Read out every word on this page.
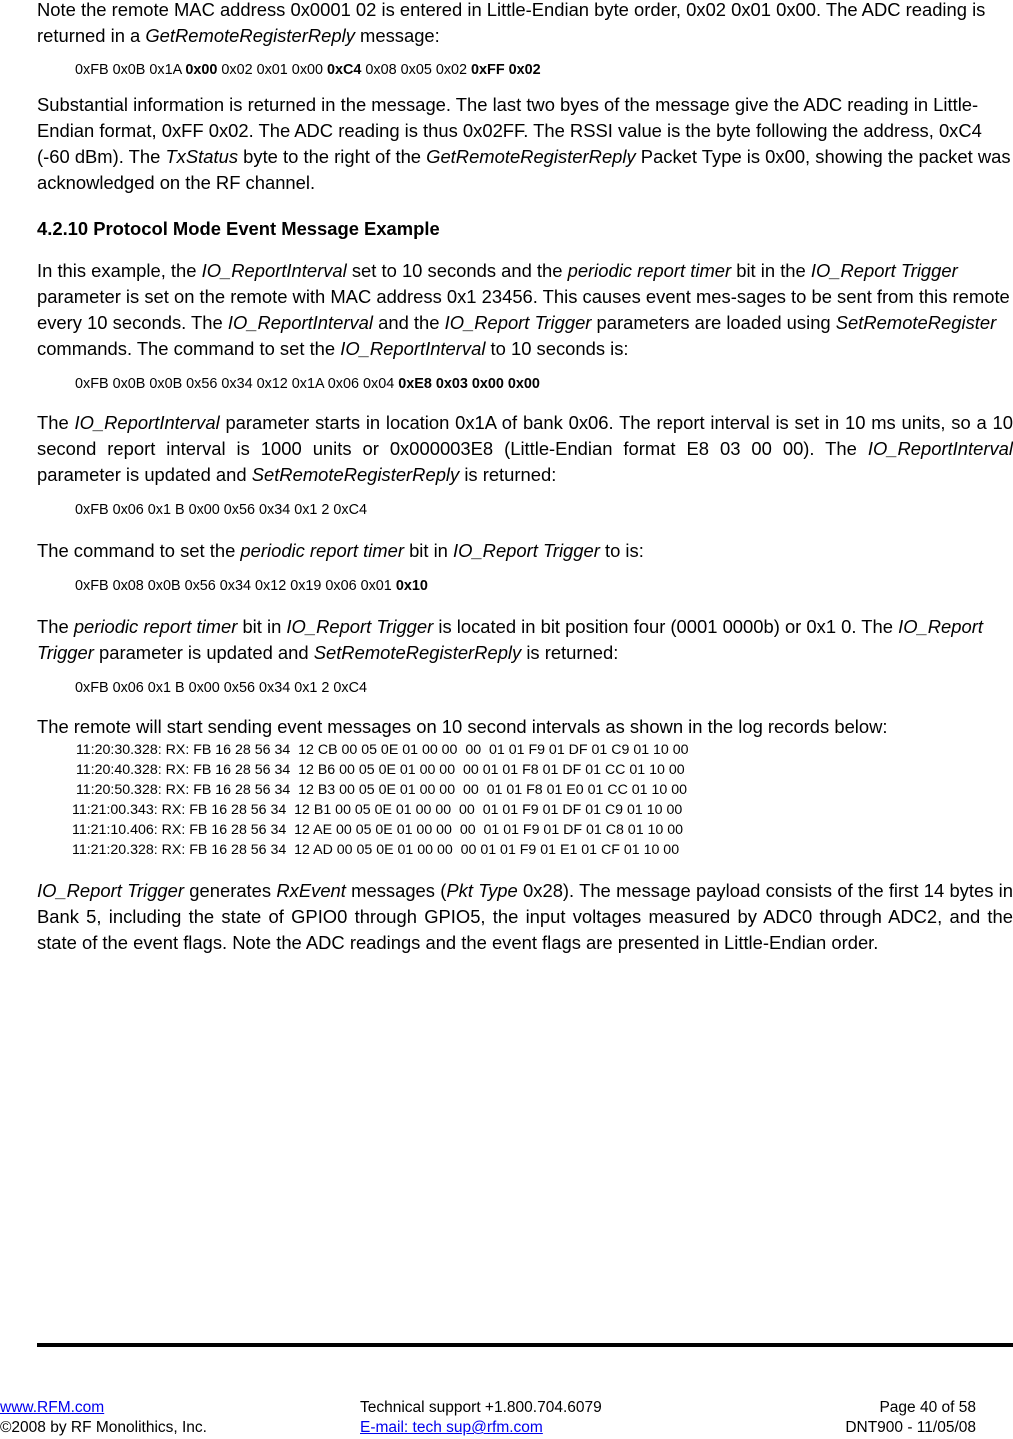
Note the remote MAC address 0x0001 02 is entered in Little-Endian byte order, 0x02 0x01 0x00. The ADC reading is returned in a GetRemoteRegisterReply message:

0xFB 0x0B 0x1A 0x00 0x02 0x01 0x00 0xC4 0x08 0x05 0x02 0xFF 0x02

Substantial information is returned in the message. The last two byes of the message give the ADC reading in Little-Endian format, 0xFF 0x02. The ADC reading is thus 0x02FF. The RSSI value is the byte following the address, 0xC4 (-60 dBm). The TxStatus byte to the right of the GetRemoteRegisterReply Packet Type is 0x00, showing the packet was acknowledged on the RF channel.

4.2.10 Protocol Mode Event Message Example

In this example, the IO_ReportInterval set to 10 seconds and the periodic report timer bit in the IO_Report Trigger parameter is set on the remote with MAC address 0x1 23456. This causes event mes-sages to be sent from this remote every 10 seconds. The IO_ReportInterval and the IO_Report Trigger parameters are loaded using SetRemoteRegister commands. The command to set the IO_ReportInterval to 10 seconds is:

0xFB 0x0B 0x0B 0x56 0x34 0x12 0x1A 0x06 0x04 0xE8 0x03 0x00 0x00

The IO_ReportInterval parameter starts in location 0x1A of bank 0x06. The report interval is set in 10 ms units, so a 10 second report interval is 1000 units or 0x000003E8 (Little-Endian format E8 03 00 00). The IO_ReportInterval parameter is updated and SetRemoteRegisterReply is returned:

0xFB 0x06 0x1 B 0x00 0x56 0x34 0x1 2 0xC4

The command to set the periodic report timer bit in IO_Report Trigger to is:

0xFB 0x08 0x0B 0x56 0x34 0x12 0x19 0x06 0x01 0x10

The periodic report timer bit in IO_Report Trigger is located in bit position four (0001 0000b) or 0x1 0. The IO_Report Trigger parameter is updated and SetRemoteRegisterReply is returned:

0xFB 0x06 0x1 B 0x00 0x56 0x34 0x1 2 0xC4

The remote will start sending event messages on 10 second intervals as shown in the log records below:

11:20:30.328: RX: FB 16 28 56 34  12 CB 00 05 0E 01 00 00  00  01 01 F9 01 DF 01 C9 01 10 00
11:20:40.328: RX: FB 16 28 56 34  12 B6 00 05 0E 01 00 00  00 01 01 F8 01 DF 01 CC 01 10 00
11:20:50.328: RX: FB 16 28 56 34  12 B3 00 05 0E 01 00 00  00  01 01 F8 01 E0 01 CC 01 10 00
11:21:00.343: RX: FB 16 28 56 34  12 B1 00 05 0E 01 00 00  00  01 01 F9 01 DF 01 C9 01 10 00
11:21:10.406: RX: FB 16 28 56 34  12 AE 00 05 0E 01 00 00  00  01 01 F9 01 DF 01 C8 01 10 00
11:21:20.328: RX: FB 16 28 56 34  12 AD 00 05 0E 01 00 00  00 01 01 F9 01 E1 01 CF 01 10 00

IO_Report Trigger generates RxEvent messages (Pkt Type 0x28). The message payload consists of the first 14 bytes in Bank 5, including the state of GPIO0 through GPIO5, the input voltages measured by ADC0 through ADC2, and the state of the event flags. Note the ADC readings and the event flags are presented in Little-Endian order.

www.RFM.com
©2008 by RF Monolithics, Inc.
Technical support +1.800.704.6079
E-mail: tech sup@rfm.com
Page 40 of 58
DNT900 - 11/05/08
